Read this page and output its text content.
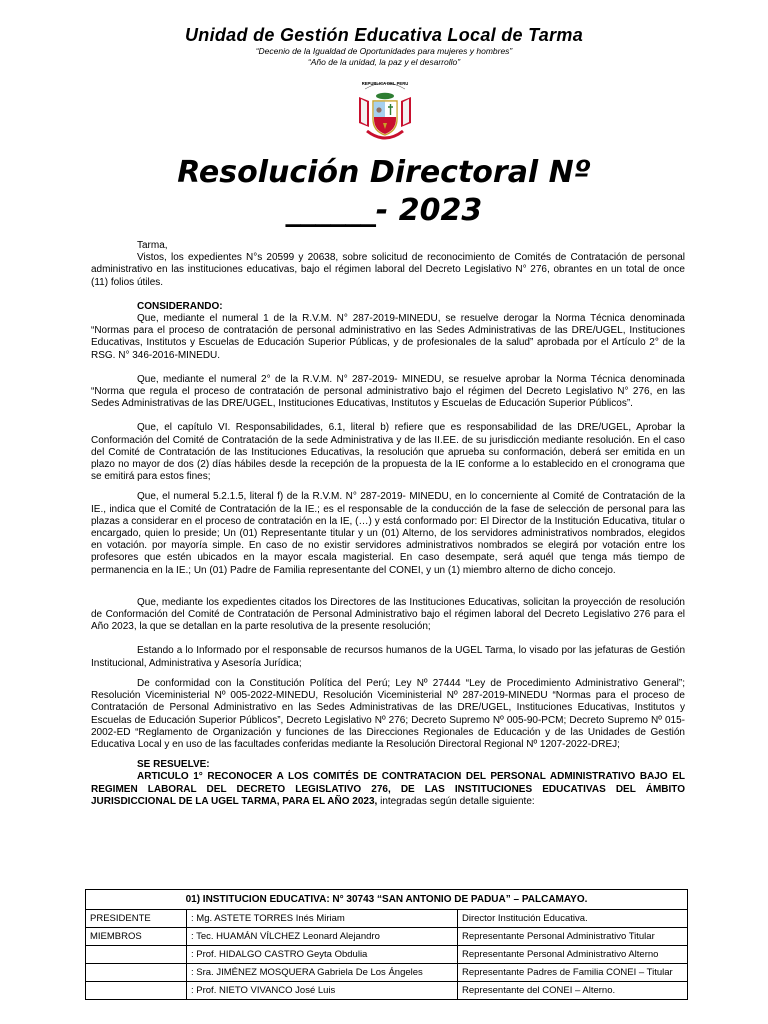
Unidad de Gestión Educativa Local de Tarma
“Decenio de la Igualdad de Oportunidades para mujeres y hombres”
“Año de la unidad, la paz y el desarrollo”
REPUBLICA DEL PERU
Resolución Directoral Nº
______- 2023

Tarma,

Vistos, los expedientes N°s 20599 y 20638, sobre solicitud de reconocimiento de Comités de Contratación de personal administrativo en las instituciones educativas, bajo el régimen laboral del Decreto Legislativo N° 276, obrantes en un total de once (11) folios útiles.

CONSIDERANDO:

Que, mediante el numeral 1 de la R.V.M. N° 287-2019-MINEDU, se resuelve derogar la Norma Técnica denominada “Normas para el proceso de contratación de personal administrativo en las Sedes Administrativas de las DRE/UGEL, Instituciones Educativas, Institutos y Escuelas de Educación Superior Públicas, y de profesionales de la salud” aprobada por el Artículo 2° de la RSG. N° 346-2016-MINEDU.

Que, mediante el numeral 2° de la R.V.M. N° 287-2019- MINEDU, se resuelve aprobar la Norma Técnica denominada “Norma que regula el proceso de contratación de personal administrativo bajo el régimen del Decreto Legislativo N° 276, en las Sedes Administrativas de las DRE/UGEL, Instituciones Educativas, Institutos y Escuelas de Educación Superior Públicos”.

Que, el capítulo VI. Responsabilidades, 6.1, literal b) refiere que es responsabilidad de las DRE/UGEL, Aprobar la Conformación del Comité de Contratación de la sede Administrativa y de las II.EE. de su jurisdicción mediante resolución. En el caso del Comité de Contratación de las Instituciones Educativas, la resolución que aprueba su conformación, deberá ser emitida en un plazo no mayor de dos (2) días hábiles desde la recepción de la propuesta de la IE conforme a lo establecido en el cronograma que se emitirá para estos fines;

Que, el numeral 5.2.1.5, literal f) de la R.V.M. N° 287-2019- MINEDU, en lo concerniente al Comité de Contratación de la IE., indica que el Comité de Contratación de la IE.; es el responsable de la conducción de la fase de selección de personal para las plazas a considerar en el proceso de contratación en la IE, (…) y está conformado por: El Director de la Institución Educativa, titular o encargado, quien lo preside; Un (01) Representante titular y un (01) Alterno, de los servidores administrativos nombrados, elegidos en votación. por mayoría simple. En caso de no existir servidores administrativos nombrados se elegirá por votación entre los profesores que estén ubicados en la mayor escala magisterial. En caso desempate, será aquél que tenga más tiempo de permanencia en la IE.; Un (01) Padre de Familia representante del CONEI, y un (1) miembro alterno de dicho concejo.

Que, mediante los expedientes citados los Directores de las Instituciones Educativas, solicitan la proyección de resolución de Conformación del Comité de Contratación de Personal Administrativo bajo el régimen laboral del Decreto Legislativo 276 para el Año 2023, la que se detallan en la parte resolutiva de la presente resolución;

Estando a lo Informado por el responsable de recursos humanos de la UGEL Tarma, lo visado por las jefaturas de Gestión Institucional, Administrativa y Asesoría Jurídica;

De conformidad con la Constitución Política del Perú; Ley Nº 27444 “Ley de Procedimiento Administrativo General”; Resolución Viceministerial Nº 005-2022-MINEDU, Resolución Viceministerial Nº 287-2019-MINEDU “Normas para el proceso de Contratación de Personal Administrativo en las Sedes Administrativas de las DRE/UGEL, Instituciones Educativas, Institutos y Escuelas de Educación Superior Públicos”, Decreto Legislativo Nº 276; Decreto Supremo Nº 005-90-PCM; Decreto Supremo Nº 015-2002-ED “Reglamento de Organización y funciones de las Direcciones Regionales de Educación y de las Unidades de Gestión Educativa Local y en uso de las facultades conferidas mediante la Resolución Directoral Regional Nº 1207-2022-DREJ;

SE RESUELVE:

ARTICULO 1° RECONOCER A LOS COMITÉS DE CONTRATACION DEL PERSONAL ADMINISTRATIVO BAJO EL REGIMEN LABORAL DEL DECRETO LEGISLATIVO 276, DE LAS INSTITUCIONES EDUCATIVAS DEL ÁMBITO JURISDICCIONAL DE LA UGEL TARMA, PARA EL AÑO 2023, integradas según detalle siguiente:

01) INSTITUCION EDUCATIVA: N° 30743 “SAN ANTONIO DE PADUA” – PALCAMAYO.		
PRESIDENTE	: Mg. ASTETE TORRES Inés Miriam	Director Institución Educativa.
MIEMBROS	: Tec. HUAMÁN VÍLCHEZ Leonard Alejandro	Representante Personal Administrativo Titular
	: Prof. HIDALGO CASTRO Geyta Obdulia	Representante Personal Administrativo Alterno
	: Sra. JIMÉNEZ MOSQUERA Gabriela De Los Ángeles	Representante Padres de Familia CONEI – Titular
	: Prof. NIETO VIVANCO José Luis	Representante del CONEI – Alterno.
